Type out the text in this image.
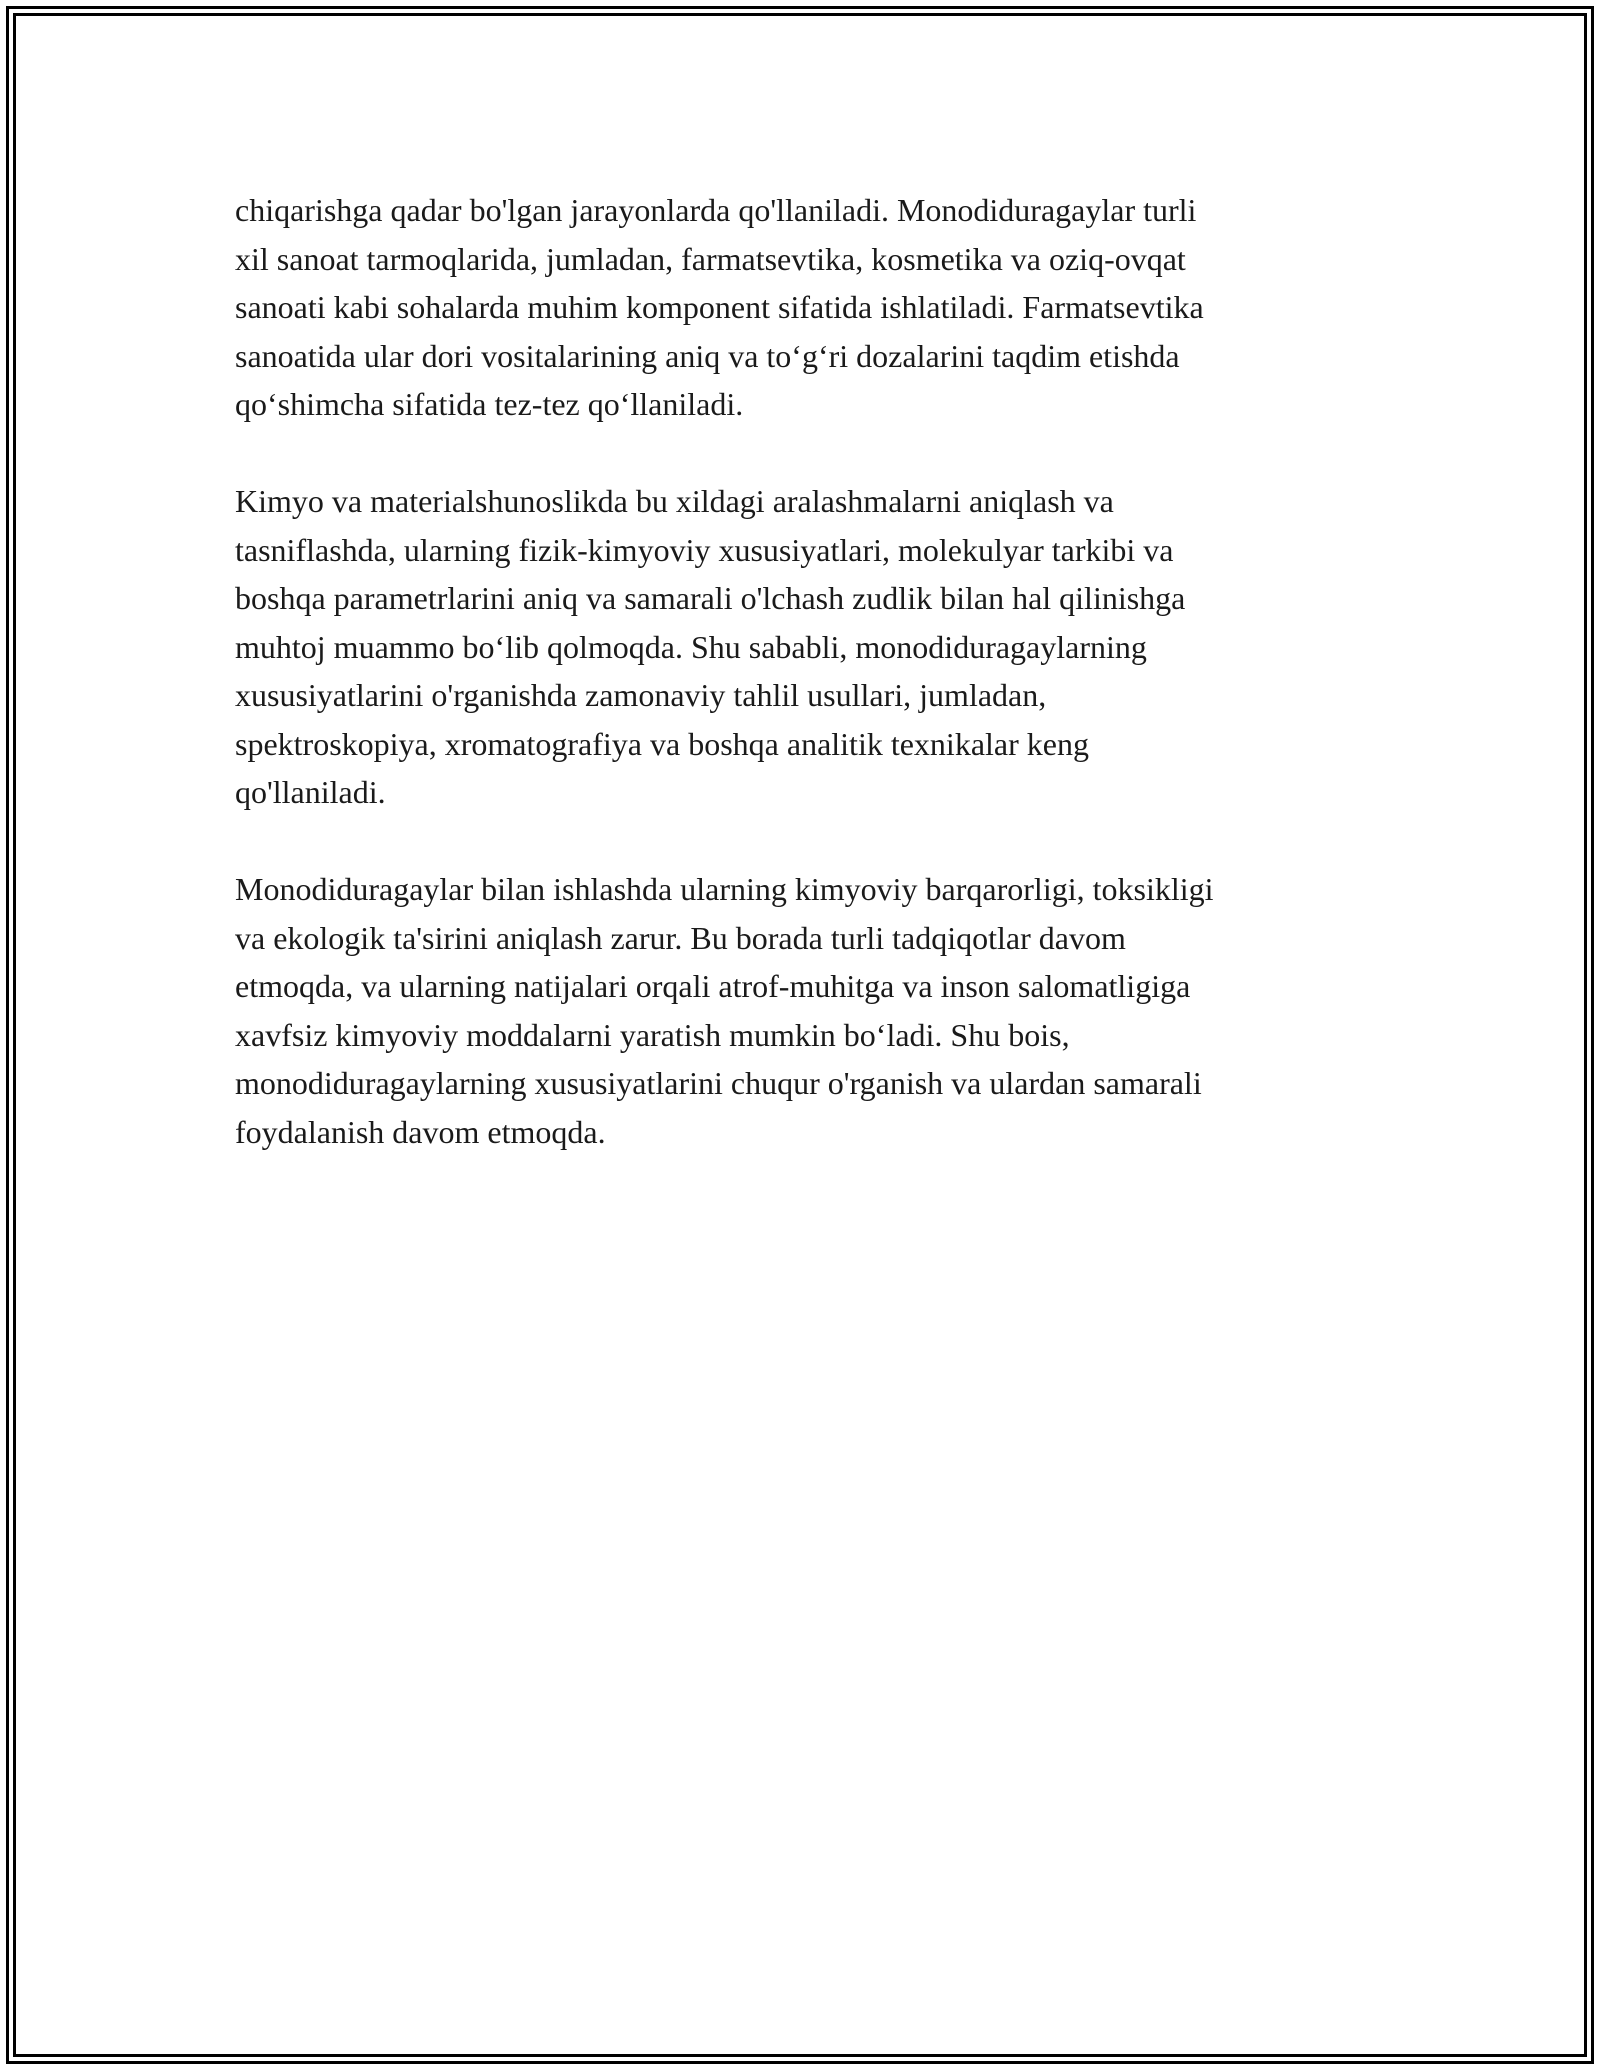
chiqarishga qadar bo'lgan jarayonlarda qo'llaniladi. Monodiduragaylar turli
xil sanoat tarmoqlarida, jumladan, farmatsevtika, kosmetika va oziq-ovqat
sanoati kabi sohalarda muhim komponent sifatida ishlatiladi. Farmatsevtika
sanoatida ular dori vositalarining aniq va to‘g‘ri dozalarini taqdim etishda
qo‘shimcha sifatida tez-tez qo‘llaniladi.

Kimyo va materialshunoslikda bu xildagi aralashmalarni aniqlash va
tasniflashda, ularning fizik-kimyoviy xususiyatlari, molekulyar tarkibi va
boshqa parametrlarini aniq va samarali o'lchash zudlik bilan hal qilinishga
muhtoj muammo bo‘lib qolmoqda. Shu sababli, monodiduragaylarning
xususiyatlarini o'rganishda zamonaviy tahlil usullari, jumladan,
spektroskopiya, xromatografiya va boshqa analitik texnikalar keng
qo'llaniladi.

Monodiduragaylar bilan ishlashda ularning kimyoviy barqarorligi, toksikligi
va ekologik ta'sirini aniqlash zarur. Bu borada turli tadqiqotlar davom
etmoqda, va ularning natijalari orqali atrof-muhitga va inson salomatligiga
xavfsiz kimyoviy moddalarni yaratish mumkin bo‘ladi. Shu bois,
monodiduragaylarning xususiyatlarini chuqur o'rganish va ulardan samarali
foydalanish davom etmoqda.
